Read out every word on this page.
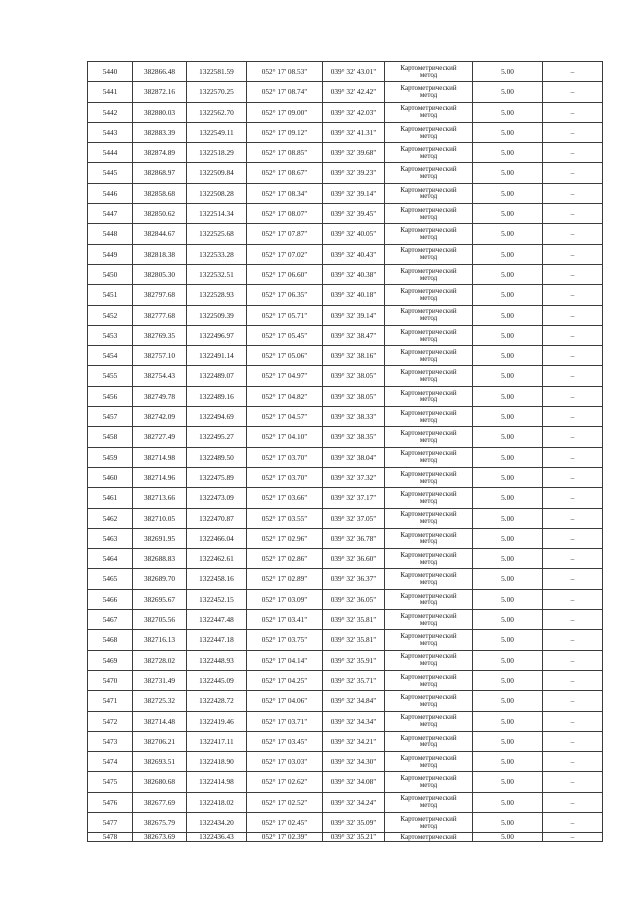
5440	382866.48	1322581.59	052° 17' 08.53"	039° 32' 43.01"	Картометрический
метод	5.00	–
5441	382872.16	1322570.25	052° 17' 08.74"	039° 32' 42.42"	Картометрический
метод	5.00	–
5442	382880.03	1322562.70	052° 17' 09.00"	039° 32' 42.03"	Картометрический
метод	5.00	–
5443	382883.39	1322549.11	052° 17' 09.12"	039° 32' 41.31"	Картометрический
метод	5.00	–
5444	382874.89	1322518.29	052° 17' 08.85"	039° 32' 39.68"	Картометрический
метод	5.00	–
5445	382868.97	1322509.84	052° 17' 08.67"	039° 32' 39.23"	Картометрический
метод	5.00	–
5446	382858.68	1322508.28	052° 17' 08.34"	039° 32' 39.14"	Картометрический
метод	5.00	–
5447	382850.62	1322514.34	052° 17' 08.07"	039° 32' 39.45"	Картометрический
метод	5.00	–
5448	382844.67	1322525.68	052° 17' 07.87"	039° 32' 40.05"	Картометрический
метод	5.00	–
5449	382818.38	1322533.28	052° 17' 07.02"	039° 32' 40.43"	Картометрический
метод	5.00	–
5450	382805.30	1322532.51	052° 17' 06.60"	039° 32' 40.38"	Картометрический
метод	5.00	–
5451	382797.68	1322528.93	052° 17' 06.35"	039° 32' 40.18"	Картометрический
метод	5.00	–
5452	382777.68	1322509.39	052° 17' 05.71"	039° 32' 39.14"	Картометрический
метод	5.00	–
5453	382769.35	1322496.97	052° 17' 05.45"	039° 32' 38.47"	Картометрический
метод	5.00	–
5454	382757.10	1322491.14	052° 17' 05.06"	039° 32' 38.16"	Картометрический
метод	5.00	–
5455	382754.43	1322489.07	052° 17' 04.97"	039° 32' 38.05"	Картометрический
метод	5.00	–
5456	382749.78	1322489.16	052° 17' 04.82"	039° 32' 38.05"	Картометрический
метод	5.00	–
5457	382742.09	1322494.69	052° 17' 04.57"	039° 32' 38.33"	Картометрический
метод	5.00	–
5458	382727.49	1322495.27	052° 17' 04.10"	039° 32' 38.35"	Картометрический
метод	5.00	–
5459	382714.98	1322489.50	052° 17' 03.70"	039° 32' 38.04"	Картометрический
метод	5.00	–
5460	382714.96	1322475.89	052° 17' 03.70"	039° 32' 37.32"	Картометрический
метод	5.00	–
5461	382713.66	1322473.09	052° 17' 03.66"	039° 32' 37.17"	Картометрический
метод	5.00	–
5462	382710.05	1322470.87	052° 17' 03.55"	039° 32' 37.05"	Картометрический
метод	5.00	–
5463	382691.95	1322466.04	052° 17' 02.96"	039° 32' 36.78"	Картометрический
метод	5.00	–
5464	382688.83	1322462.61	052° 17' 02.86"	039° 32' 36.60"	Картометрический
метод	5.00	–
5465	382689.70	1322458.16	052° 17' 02.89"	039° 32' 36.37"	Картометрический
метод	5.00	–
5466	382695.67	1322452.15	052° 17' 03.09"	039° 32' 36.05"	Картометрический
метод	5.00	–
5467	382705.56	1322447.48	052° 17' 03.41"	039° 32' 35.81"	Картометрический
метод	5.00	–
5468	382716.13	1322447.18	052° 17' 03.75"	039° 32' 35.81"	Картометрический
метод	5.00	–
5469	382728.02	1322448.93	052° 17' 04.14"	039° 32' 35.91"	Картометрический
метод	5.00	–
5470	382731.49	1322445.09	052° 17' 04.25"	039° 32' 35.71"	Картометрический
метод	5.00	–
5471	382725.32	1322428.72	052° 17' 04.06"	039° 32' 34.84"	Картометрический
метод	5.00	–
5472	382714.48	1322419.46	052° 17' 03.71"	039° 32' 34.34"	Картометрический
метод	5.00	–
5473	382706.21	1322417.11	052° 17' 03.45"	039° 32' 34.21"	Картометрический
метод	5.00	–
5474	382693.51	1322418.90	052° 17' 03.03"	039° 32' 34.30"	Картометрический
метод	5.00	–
5475	382680.68	1322414.98	052° 17' 02.62"	039° 32' 34.08"	Картометрический
метод	5.00	–
5476	382677.69	1322418.02	052° 17' 02.52"	039° 32' 34.24"	Картометрический
метод	5.00	–
5477	382675.79	1322434.20	052° 17' 02.45"	039° 32' 35.09"	Картометрический
метод	5.00	–
5478	382673.69	1322436.43	052° 17' 02.39"	039° 32' 35.21"	Картометрический	5.00	–
